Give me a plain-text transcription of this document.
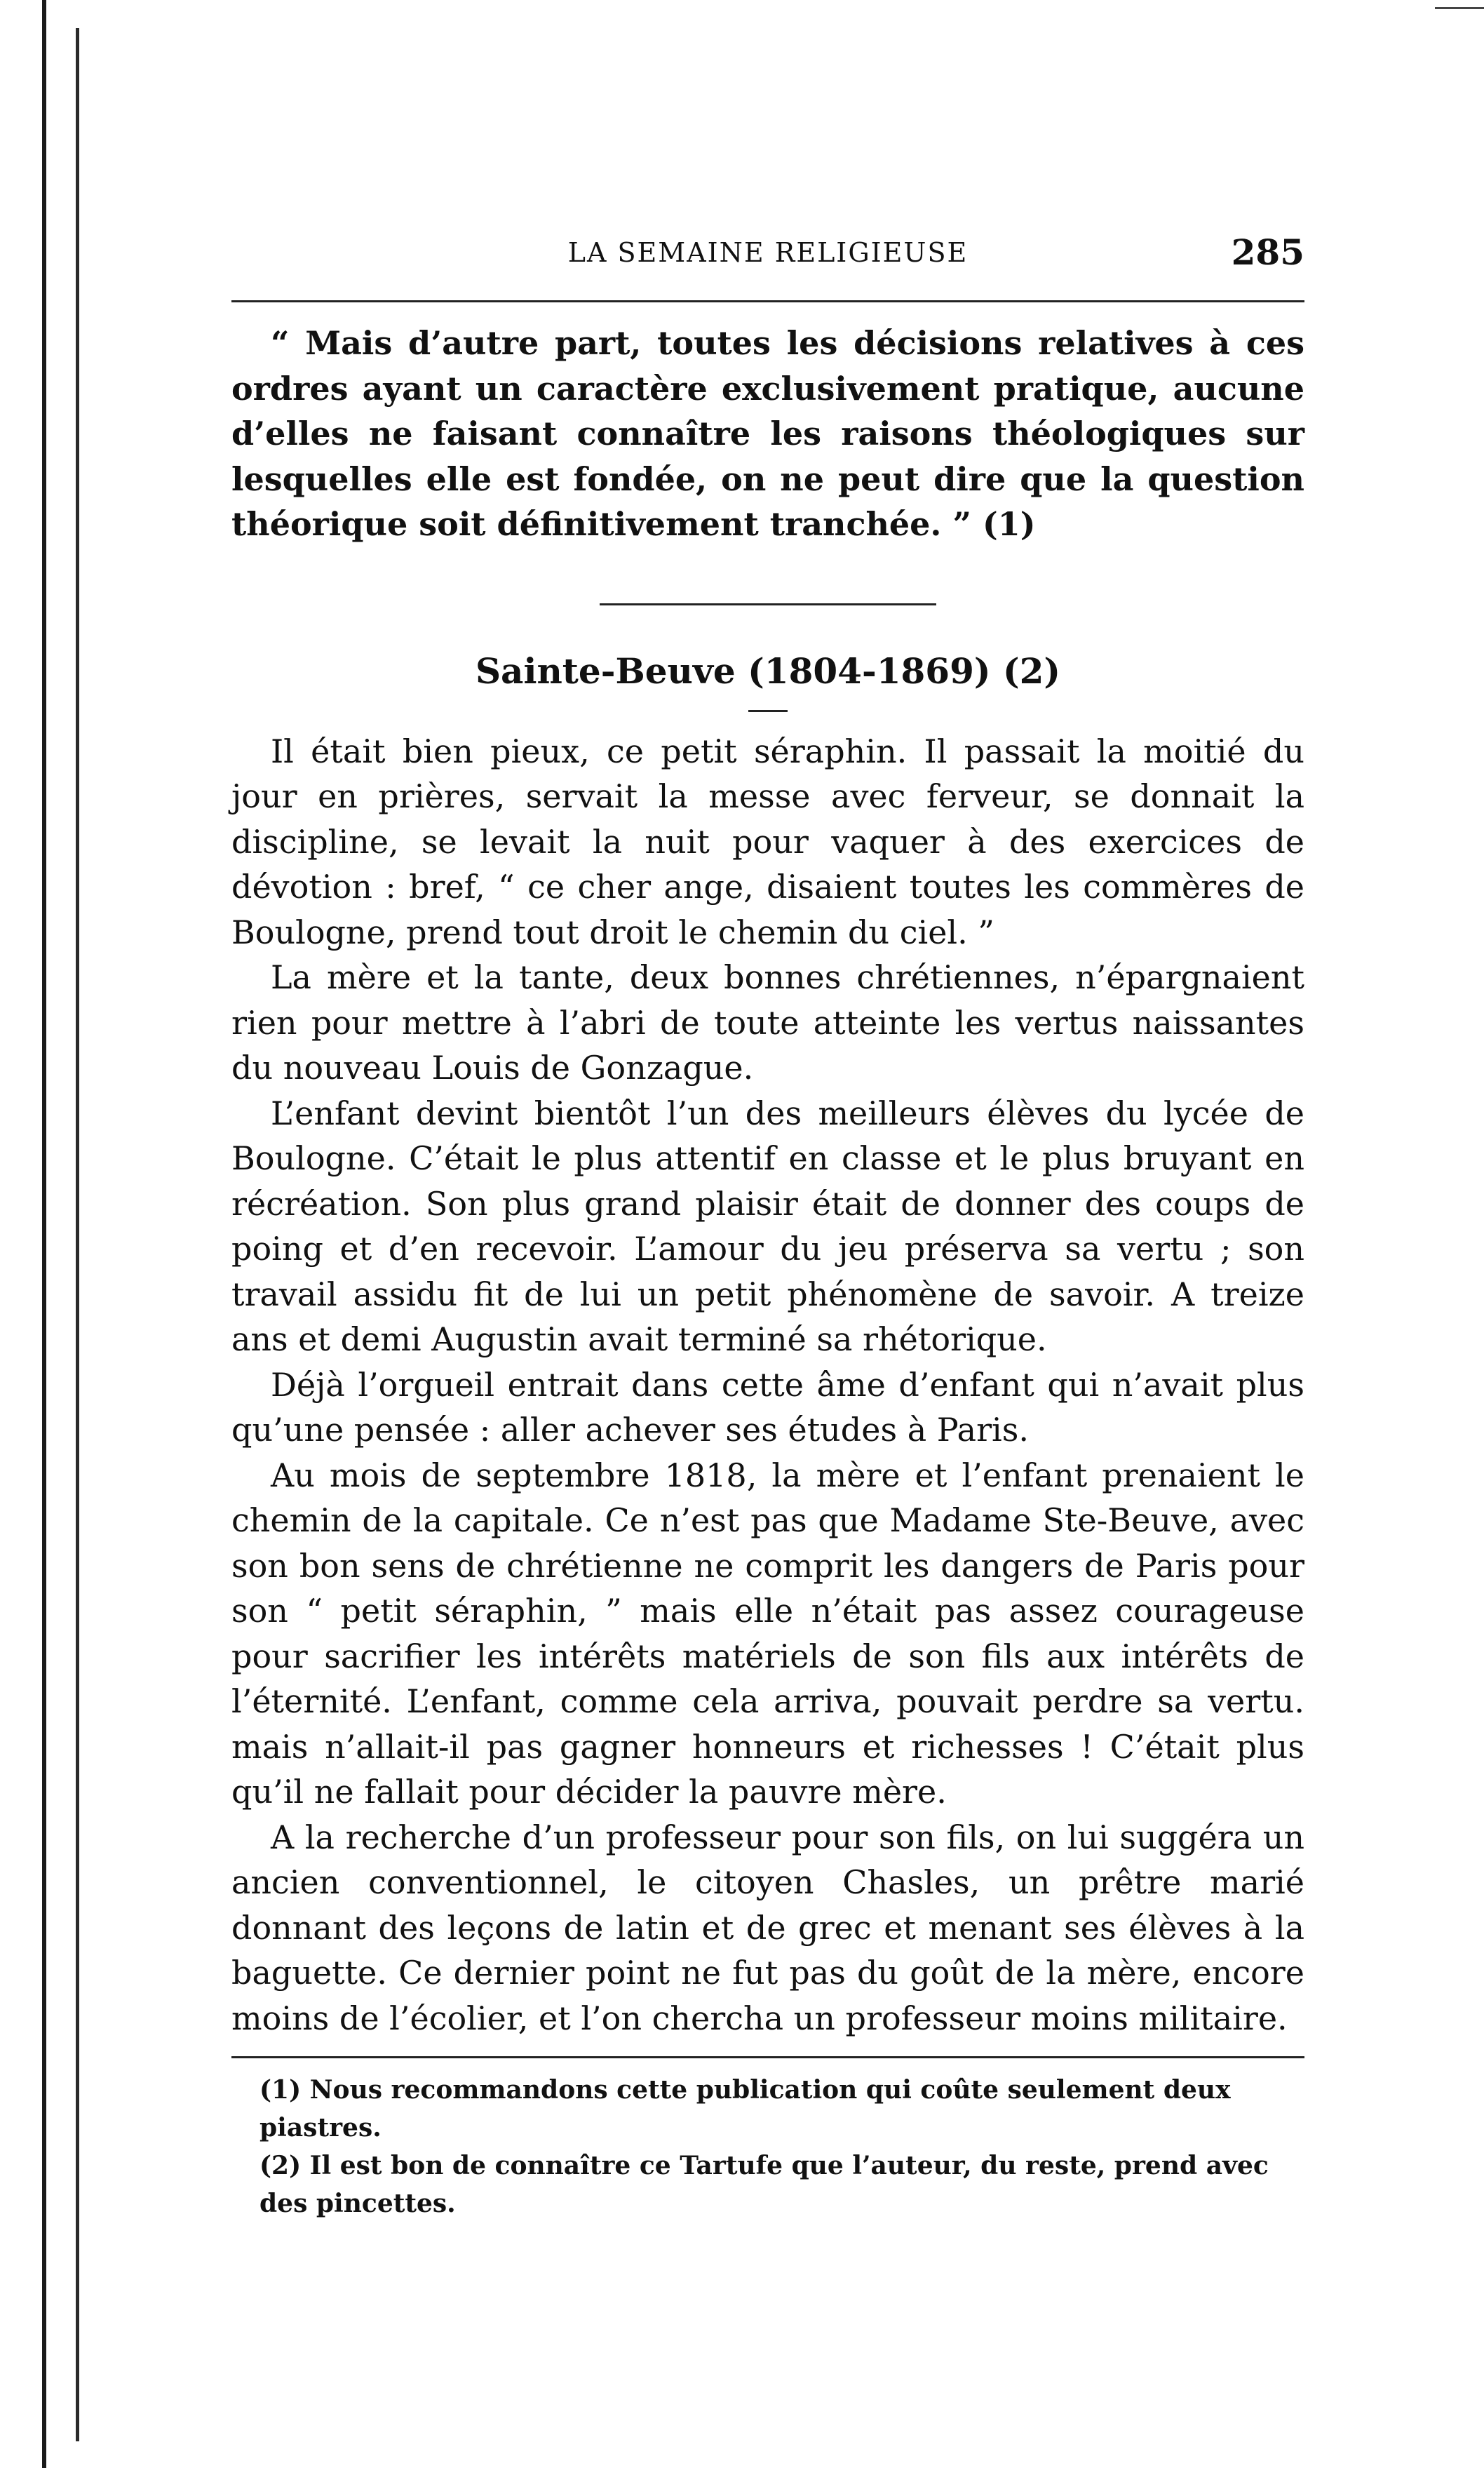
LA SEMAINE RELIGIEUSE	285

“ Mais d’autre part, toutes les décisions relatives à ces ordres ayant un caractère exclusivement pratique, aucune d’elles ne faisant connaître les raisons théologiques sur lesquelles elle est fondée, on ne peut dire que la question théorique soit définitivement tranchée. ” (1)

Sainte-Beuve (1804-1869) (2)

Il était bien pieux, ce petit séraphin. Il passait la moitié du jour en prières, servait la messe avec ferveur, se donnait la discipline, se levait la nuit pour vaquer à des exercices de dévotion : bref, “ ce cher ange, disaient toutes les commères de Boulogne, prend tout droit le chemin du ciel. ”

La mère et la tante, deux bonnes chrétiennes, n’épargnaient rien pour mettre à l’abri de toute atteinte les vertus naissantes du nouveau Louis de Gonzague.

L’enfant devint bientôt l’un des meilleurs élèves du lycée de Boulogne. C’était le plus attentif en classe et le plus bruyant en récréation. Son plus grand plaisir était de donner des coups de poing et d’en recevoir. L’amour du jeu préserva sa vertu ; son travail assidu fit de lui un petit phénomène de savoir. A treize ans et demi Augustin avait terminé sa rhétorique.

Déjà l’orgueil entrait dans cette âme d’enfant qui n’avait plus qu’une pensée : aller achever ses études à Paris.

Au mois de septembre 1818, la mère et l’enfant prenaient le chemin de la capitale. Ce n’est pas que Madame Ste-Beuve, avec son bon sens de chrétienne ne comprit les dangers de Paris pour son “ petit séraphin, ” mais elle n’était pas assez courageuse pour sacrifier les intérêts matériels de son fils aux intérêts de l’éternité. L’enfant, comme cela arriva, pouvait perdre sa vertu. mais n’allait-il pas gagner honneurs et richesses ! C’était plus qu’il ne fallait pour décider la pauvre mère.

A la recherche d’un professeur pour son fils, on lui suggéra un ancien conventionnel, le citoyen Chasles, un prêtre marié donnant des leçons de latin et de grec et menant ses élèves à la baguette. Ce dernier point ne fut pas du goût de la mère, encore moins de l’écolier, et l’on chercha un professeur moins militaire.

(1) Nous recommandons cette publication qui coûte seulement deux piastres.

(2) Il est bon de connaître ce Tartufe que l’auteur, du reste, prend avec des pincettes.
